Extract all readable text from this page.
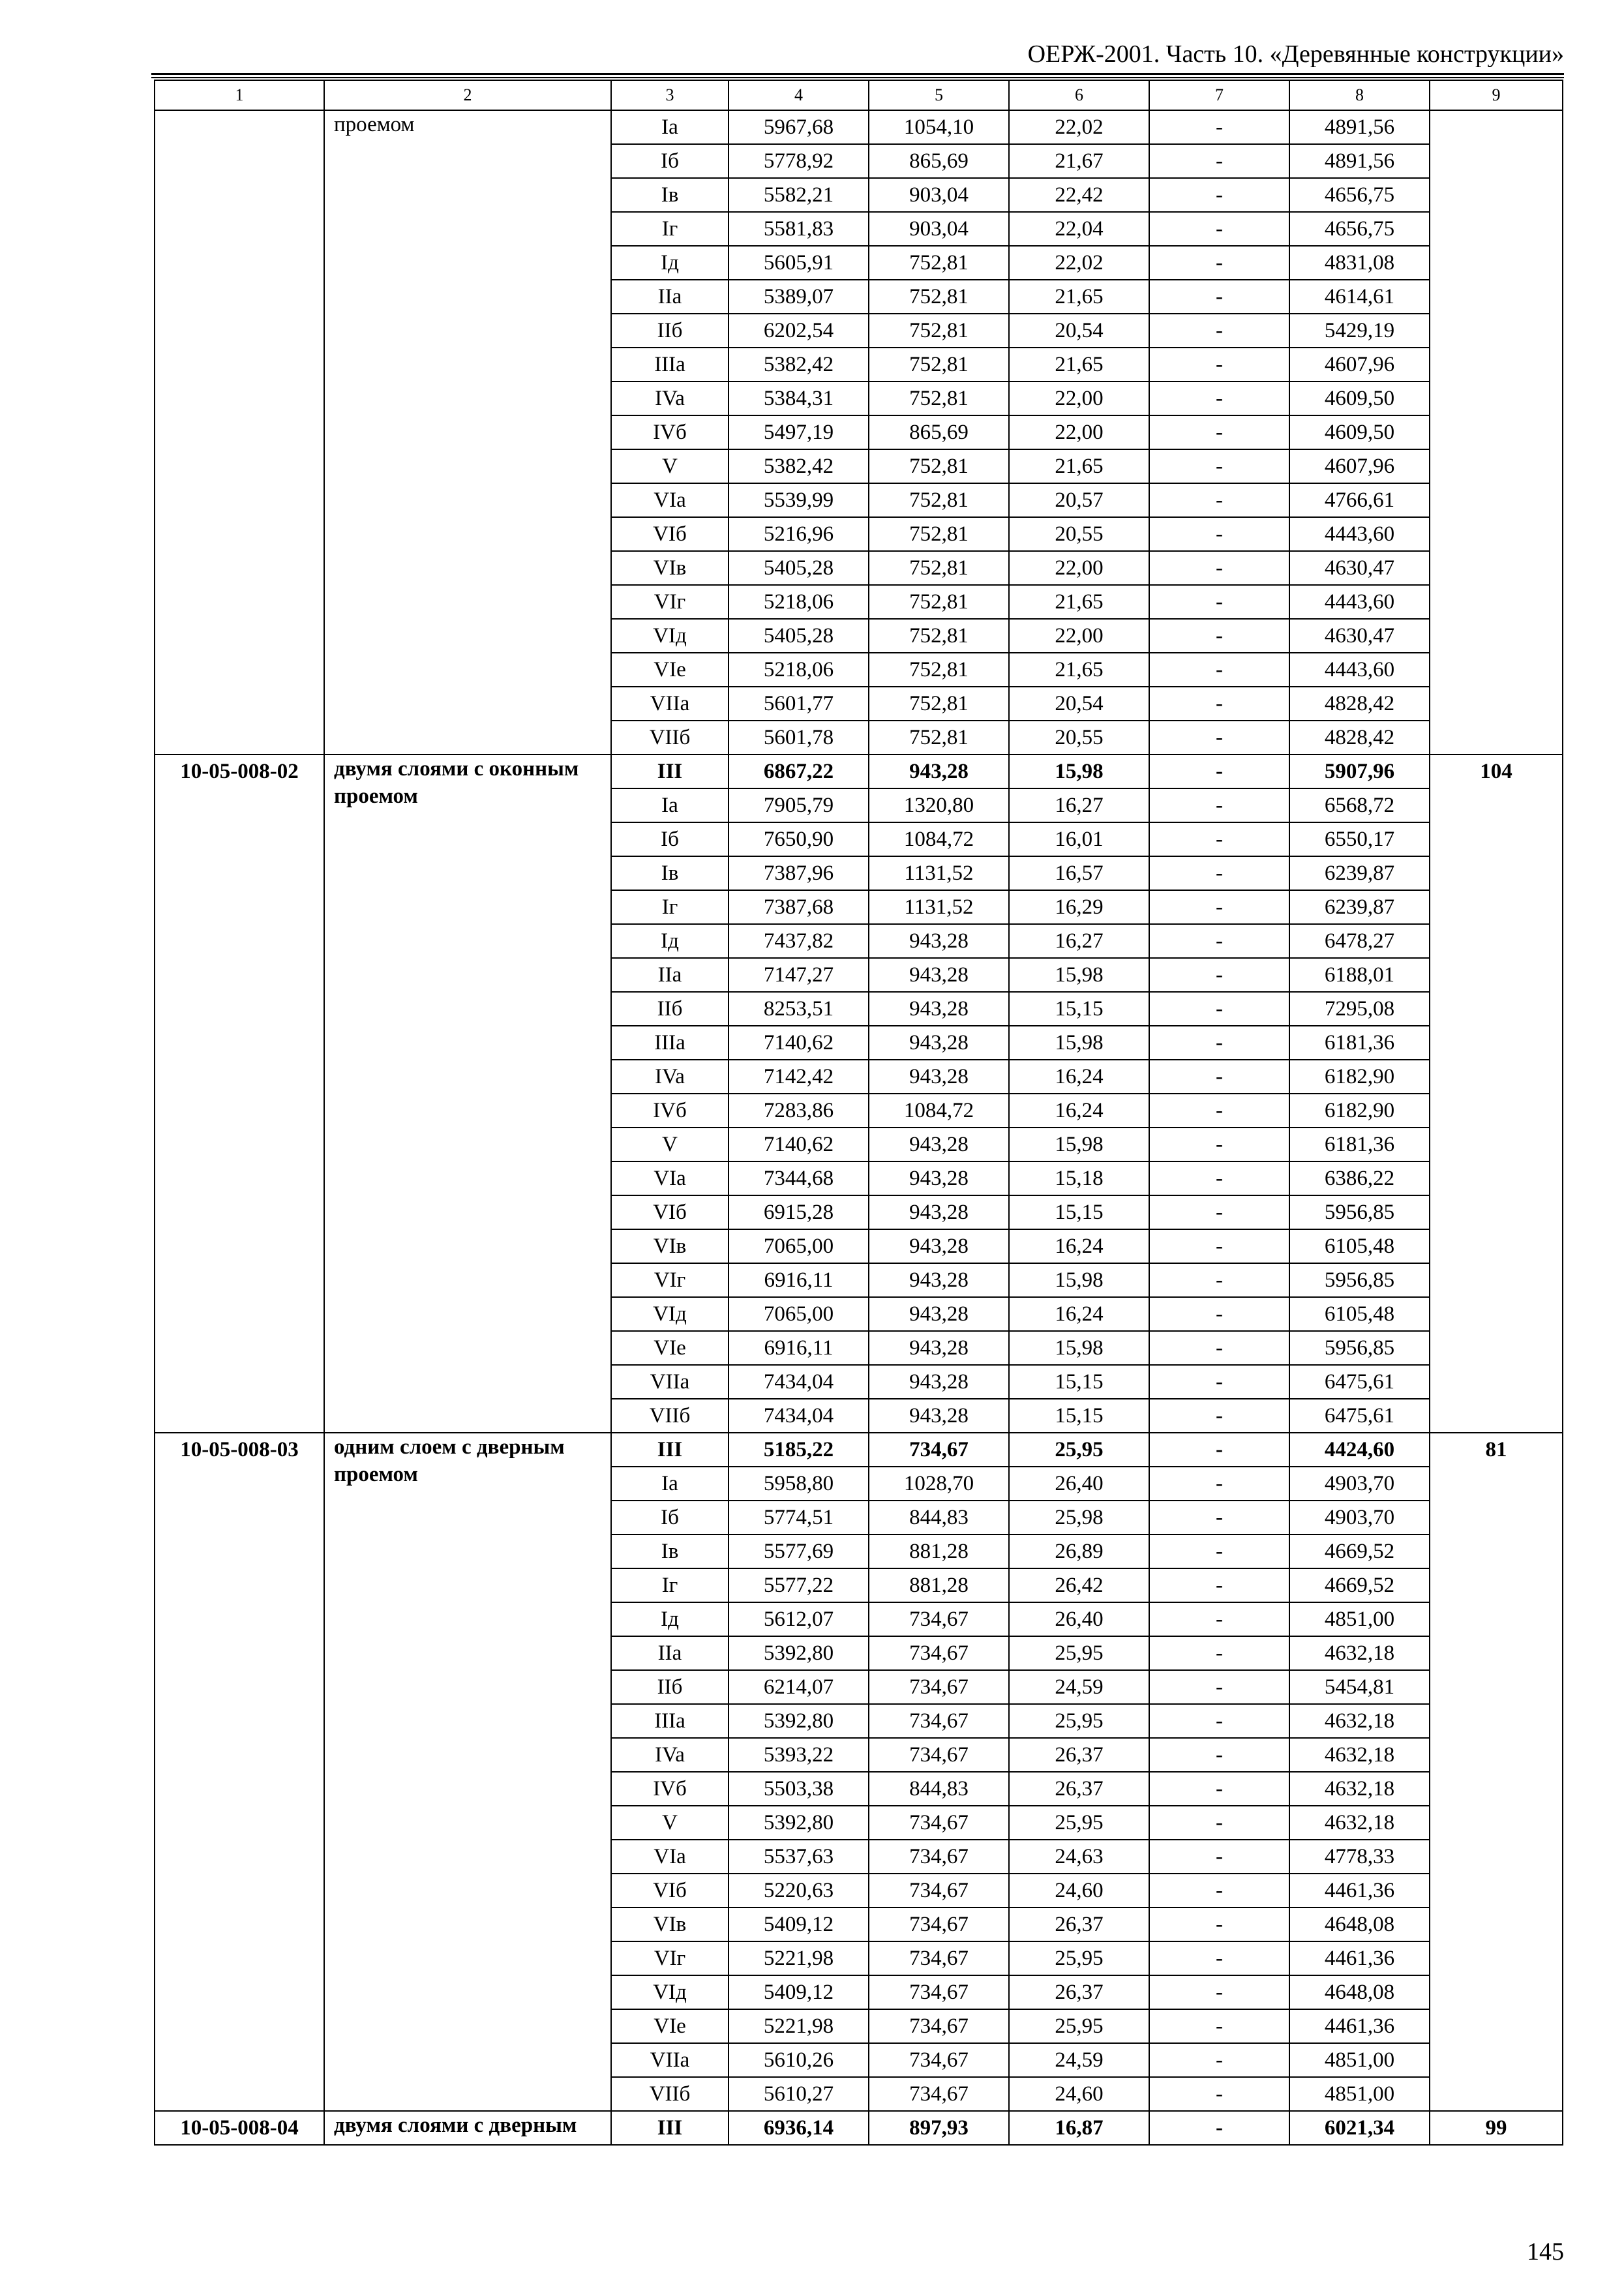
ОЕРЖ-2001. Часть 10. «Деревянные конструкции»
1	2	3	4	5	6	7	8	9
	проемом	Ia	5967,68	1054,10	22,02	-	4891,56	
		Iб	5778,92	865,69	21,67	-	4891,56	
		Iв	5582,21	903,04	22,42	-	4656,75	
		Iг	5581,83	903,04	22,04	-	4656,75	
		Iд	5605,91	752,81	22,02	-	4831,08	
		IIa	5389,07	752,81	21,65	-	4614,61	
		IIб	6202,54	752,81	20,54	-	5429,19	
		IIIa	5382,42	752,81	21,65	-	4607,96	
		IVa	5384,31	752,81	22,00	-	4609,50	
		IVб	5497,19	865,69	22,00	-	4609,50	
		V	5382,42	752,81	21,65	-	4607,96	
		VIa	5539,99	752,81	20,57	-	4766,61	
		VIб	5216,96	752,81	20,55	-	4443,60	
		VIв	5405,28	752,81	22,00	-	4630,47	
		VIг	5218,06	752,81	21,65	-	4443,60	
		VIд	5405,28	752,81	22,00	-	4630,47	
		VIe	5218,06	752,81	21,65	-	4443,60	
		VIIa	5601,77	752,81	20,54	-	4828,42	
		VIIб	5601,78	752,81	20,55	-	4828,42	
10-05-008-02	двумя слоями с оконным проемом	III	6867,22	943,28	15,98	-	5907,96	104
		Ia	7905,79	1320,80	16,27	-	6568,72	
		Iб	7650,90	1084,72	16,01	-	6550,17	
		Iв	7387,96	1131,52	16,57	-	6239,87	
		Iг	7387,68	1131,52	16,29	-	6239,87	
		Iд	7437,82	943,28	16,27	-	6478,27	
		IIa	7147,27	943,28	15,98	-	6188,01	
		IIб	8253,51	943,28	15,15	-	7295,08	
		IIIa	7140,62	943,28	15,98	-	6181,36	
		IVa	7142,42	943,28	16,24	-	6182,90	
		IVб	7283,86	1084,72	16,24	-	6182,90	
		V	7140,62	943,28	15,98	-	6181,36	
		VIa	7344,68	943,28	15,18	-	6386,22	
		VIб	6915,28	943,28	15,15	-	5956,85	
		VIв	7065,00	943,28	16,24	-	6105,48	
		VIг	6916,11	943,28	15,98	-	5956,85	
		VIд	7065,00	943,28	16,24	-	6105,48	
		VIe	6916,11	943,28	15,98	-	5956,85	
		VIIa	7434,04	943,28	15,15	-	6475,61	
		VIIб	7434,04	943,28	15,15	-	6475,61	
10-05-008-03	одним слоем с дверным проемом	III	5185,22	734,67	25,95	-	4424,60	81
		Ia	5958,80	1028,70	26,40	-	4903,70	
		Iб	5774,51	844,83	25,98	-	4903,70	
		Iв	5577,69	881,28	26,89	-	4669,52	
		Iг	5577,22	881,28	26,42	-	4669,52	
		Iд	5612,07	734,67	26,40	-	4851,00	
		IIa	5392,80	734,67	25,95	-	4632,18	
		IIб	6214,07	734,67	24,59	-	5454,81	
		IIIa	5392,80	734,67	25,95	-	4632,18	
		IVa	5393,22	734,67	26,37	-	4632,18	
		IVб	5503,38	844,83	26,37	-	4632,18	
		V	5392,80	734,67	25,95	-	4632,18	
		VIa	5537,63	734,67	24,63	-	4778,33	
		VIб	5220,63	734,67	24,60	-	4461,36	
		VIв	5409,12	734,67	26,37	-	4648,08	
		VIг	5221,98	734,67	25,95	-	4461,36	
		VIд	5409,12	734,67	26,37	-	4648,08	
		VIe	5221,98	734,67	25,95	-	4461,36	
		VIIa	5610,26	734,67	24,59	-	4851,00	
		VIIб	5610,27	734,67	24,60	-	4851,00	
10-05-008-04	двумя слоями с дверным	III	6936,14	897,93	16,87	-	6021,34	99
145
